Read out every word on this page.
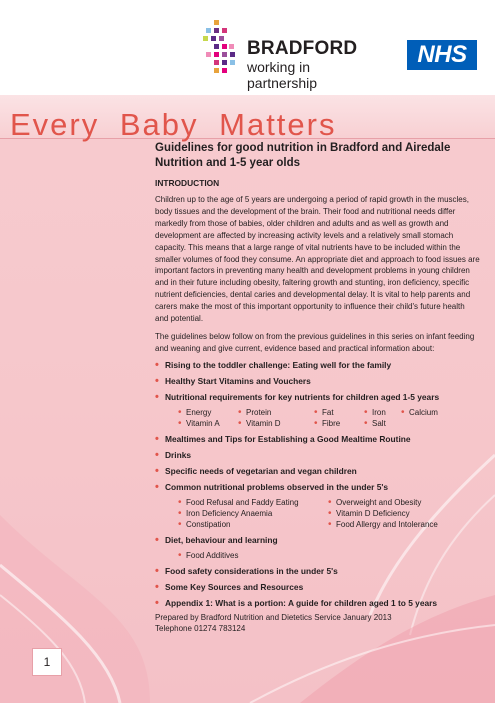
BRADFORD
working in partnership
NHS
Every Baby Matters
Guidelines for good nutrition in Bradford and Airedale Nutrition and 1-5 year olds
INTRODUCTION
Children up to the age of 5 years are undergoing a period of rapid growth in the muscles, body tissues and the development of the brain. Their food and nutritional needs differ markedly from those of babies, older children and adults and as well as growth and development are affected by increasing activity levels and a relatively small stomach capacity. This means that a large range of vital nutrients have to be included within the smaller volumes of food they consume. An appropriate diet and approach to food issues are important factors in preventing many health and development problems in young children and in their future including obesity, faltering growth and stunting, iron deficiency, specific nutrient deficiencies, dental caries and developmental delay. It is vital to help parents and carers make the most of this important opportunity to influence their child's future health and potential.
The guidelines below follow on from the previous guidelines in this series on infant feeding and weaning and give current, evidence based and practical information about:
• Rising to the toddler challenge: Eating well for the family
• Healthy Start Vitamins and Vouchers
• Nutritional requirements for key nutrients for children aged 1-5 years
• Energy	• Protein	• Fat	• Iron	• Calcium
• Vitamin A	• Vitamin D	• Fibre	• Salt
• Mealtimes and Tips for Establishing a Good Mealtime Routine
• Drinks
• Specific needs of vegetarian and vegan children
• Common nutritional problems observed in the under 5's
• Food Refusal and Faddy Eating	• Overweight and Obesity
• Iron Deficiency Anaemia	• Vitamin D Deficiency
• Constipation	• Food Allergy and Intolerance
• Diet, behaviour and learning
• Food Additives
• Food safety considerations in the under 5's
• Some Key Sources and Resources
• Appendix 1: What is a portion: A guide for children aged 1 to 5 years
Prepared by Bradford Nutrition and Dietetics Service January 2013
Telephone 01274 783124
1
